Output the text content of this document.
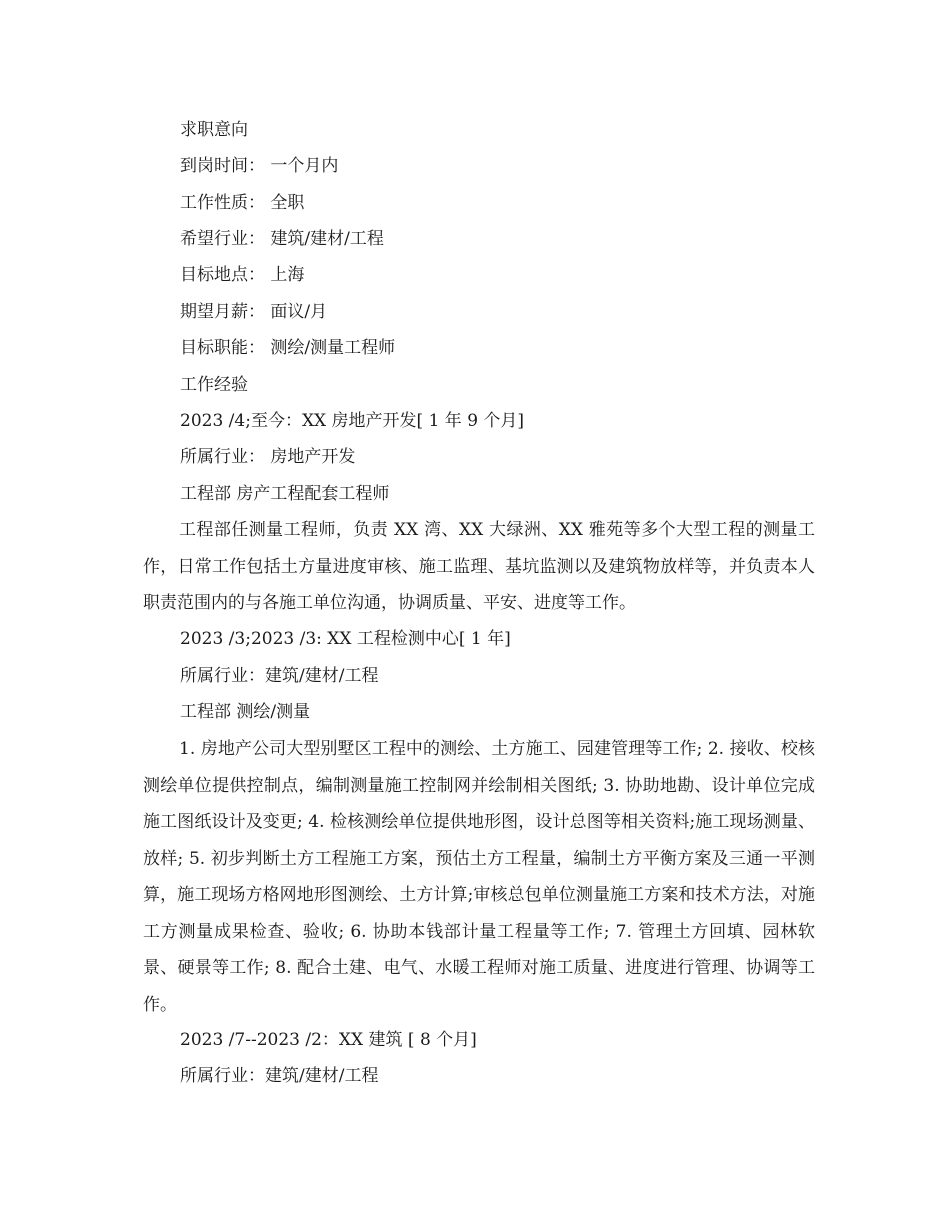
求职意向
到岗时间： 一个月内
工作性质： 全职
希望行业： 建筑/建材/工程
目标地点： 上海
期望月薪： 面议/月
目标职能： 测绘/测量工程师
工作经验
2023 /4;至今：XX 房地产开发[ 1 年 9 个月]
所属行业： 房地产开发
工程部 房产工程配套工程师
工程部任测量工程师，负责 XX 湾、XX 大绿洲、XX 雅苑等多个大型工程的测量工作，日常工作包括土方量进度审核、施工监理、基坑监测以及建筑物放样等，并负责本人职责范围内的与各施工单位沟通，协调质量、平安、进度等工作。
2023 /3;2023 /3: XX 工程检测中心[ 1 年]
所属行业：建筑/建材/工程
工程部 测绘/测量
1. 房地产公司大型别墅区工程中的测绘、土方施工、园建管理等工作; 2. 接收、校核测绘单位提供控制点，编制测量施工控制网并绘制相关图纸; 3. 协助地勘、设计单位完成施工图纸设计及变更; 4. 检核测绘单位提供地形图，设计总图等相关资料;施工现场测量、放样; 5. 初步判断土方工程施工方案，预估土方工程量，编制土方平衡方案及三通一平测算，施工现场方格网地形图测绘、土方计算;审核总包单位测量施工方案和技术方法，对施工方测量成果检查、验收; 6. 协助本钱部计量工程量等工作; 7. 管理土方回填、园林软景、硬景等工作; 8. 配合土建、电气、水暖工程师对施工质量、进度进行管理、协调等工作。
2023 /7--2023 /2：XX 建筑 [ 8 个月]
所属行业：建筑/建材/工程
